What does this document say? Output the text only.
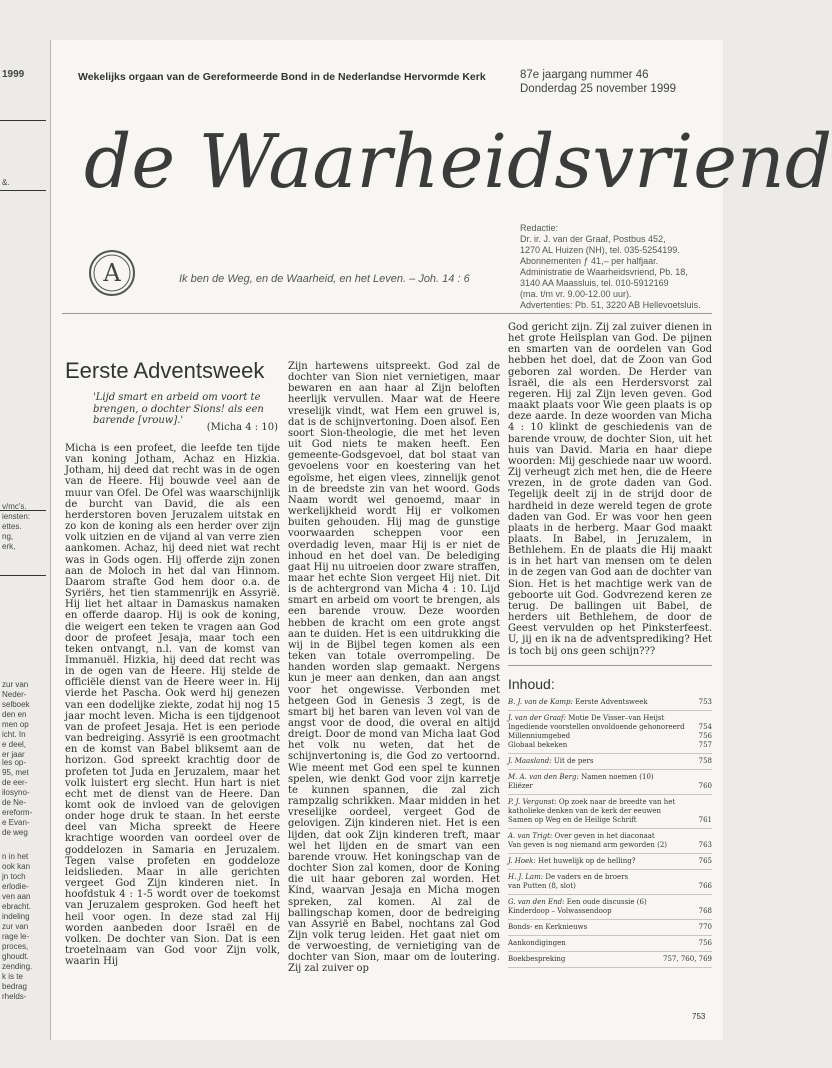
1999
&.
v/mc's.
iensten:
ettes.
ng,
erk,
zur van
Neder-
selboek
den en
men op
icht. In
e deel,
er jaar
les op-
95, met
de eer-
ilosyno-
de Ne-
ereform-
e Evan-
de weg
n in het
ook kan
jn toch
erlodie-
ven aan
ebracht.
indeling
zur van
rage le-
proces,
ghoudt.
zending.
k is te
bedrag
rhelds-
Wekelijks orgaan van de Gereformeerde Bond in de Nederlandse Hervormde Kerk	87e jaargang nummer 46
Donderdag 25 november 1999
de Waarheidsvriend
A	Ik ben de Weg, en de Waarheid, en het Leven. – Joh. 14 : 6
Redactie:
Dr. ir. J. van der Graaf, Postbus 452,
1270 AL Huizen (NH), tel. 035-5254199.
Abonnementen ƒ 41,– per halfjaar.
Administratie de Waarheidsvriend, Pb. 18,
3140 AA Maassluis, tel. 010-5912169
(ma. t/m vr. 9.00-12.00 uur).
Advertenties: Pb. 51, 3220 AB Hellevoetsluis.
Eerste Adventsweek
'Lijd smart en arbeid om voort te brengen, o dochter Sions! als een barende [vrouw].'
(Micha 4 : 10)

Micha is een profeet, die leefde ten tijde van koning Jotham, Achaz en Hizkia. Jotham, hij deed dat recht was in de ogen van de Heere. Hij bouwde veel aan de muur van Ofel. De Ofel was waarschijnlijk de burcht van David, die als een herderstoren boven Jeruzalem uitstak en zo kon de koning als een herder over zijn volk uitzien en de vijand al van verre zien aankomen. Achaz, hij deed niet wat recht was in Gods ogen. Hij offerde zijn zonen aan de Moloch in het dal van Hinnom. Daarom strafte God hem door o.a. de Syriërs, het tien stammenrijk en Assyrië. Hij liet het altaar in Damaskus namaken en offerde daarop. Hij is ook de koning, die weigert een teken te vragen aan God door de profeet Jesaja, maar toch een teken ontvangt, n.l. van de komst van Immanuël. Hizkia, hij deed dat recht was in de ogen van de Heere. Hij stelde de officiële dienst van de Heere weer in. Hij vierde het Pascha. Ook werd hij genezen van een dodelijke ziekte, zodat hij nog 15 jaar mocht leven. Micha is een tijdgenoot van de profeet Jesaja. Het is een periode van bedreiging. Assyrië is een grootmacht en de komst van Babel bliksemt aan de horizon. God spreekt krachtig door de profeten tot Juda en Jeruzalem, maar het volk luistert erg slecht. Hun hart is niet echt met de dienst van de Heere. Dan komt ook de invloed van de gelovigen onder hoge druk te staan. In het eerste deel van Micha spreekt de Heere krachtige woorden van oordeel over de goddelozen in Samaria en Jeruzalem. Tegen valse profeten en goddeloze leidslieden. Maar in alle gerichten vergeet God Zijn kinderen niet. In hoofdstuk 4 : 1-5 wordt over de toekomst van Jeruzalem gesproken. God heeft het heil voor ogen. In deze stad zal Hij worden aanbeden door Israël en de volken. De dochter van Sion. Dat is een troetelnaam van God voor Zijn volk, waarin Hij

Zijn hartewens uitspreekt. God zal de dochter van Sion niet vernietigen, maar bewaren en aan haar al Zijn beloften heerlijk vervullen. Maar wat de Heere vreselijk vindt, wat Hem een gruwel is, dat is de schijnvertoning. Doen alsof. Een soort Sion-theologie, die met het leven uit God niets te maken heeft. Een gemeente-Godsgevoel, dat bol staat van gevoelens voor en koestering van het egoïsme, het eigen vlees, zinnelijk genot in de breedste zin van het woord. Gods Naam wordt wel genoemd, maar in werkelijkheid wordt Hij er volkomen buiten gehouden. Hij mag de gunstige voorwaarden scheppen voor een overdadig leven, maar Hij is er niet de inhoud en het doel van. De belediging gaat Hij nu uitroeien door zware straffen, maar het echte Sion vergeet Hij niet. Dit is de achtergrond van Micha 4 : 10. Lijd smart en arbeid om voort te brengen, als een barende vrouw. Deze woorden hebben de kracht om een grote angst aan te duiden. Het is een uitdrukking die wij in de Bijbel tegen komen als een teken van totale overrompeling. De handen worden slap gemaakt. Nergens kun je meer aan denken, dan aan angst voor het ongewisse. Verbonden met hetgeen God in Genesis 3 zegt, is de smart bij het baren van leven vol van de angst voor de dood, die overal en altijd dreigt. Door de mond van Micha laat God het volk nu weten, dat het de schijnvertoning is, die God zo vertoornd. Wie meent met God een spel te kunnen spelen, wie denkt God voor zijn karretje te kunnen spannen, die zal zich rampzalig schrikken. Maar midden in het vreselijke oordeel, vergeet God de gelovigen. Zijn kinderen niet. Het is een lijden, dat ook Zijn kinderen treft, maar wel het lijden en de smart van een barende vrouw. Het koningschap van de dochter Sion zal komen, door de Koning die uit haar geboren zal worden. Het Kind, waarvan Jesaja en Micha mogen spreken, zal komen. Al zal de ballingschap komen, door de bedreiging van Assyrië en Babel, nochtans zal God Zijn volk terug leiden. Het gaat niet om de verwoesting, de vernietiging van de dochter van Sion, maar om de loutering. Zij zal zuiver op

God gericht zijn. Zij zal zuiver dienen in het grote Heilsplan van God. De pijnen en smarten van de oordelen van God hebben het doel, dat de Zoon van God geboren zal worden. De Herder van Israël, die als een Herdersvorst zal regeren. Hij zal Zijn leven geven. God maakt plaats voor Wie geen plaats is op deze aarde. In deze woorden van Micha 4 : 10 klinkt de geschiedenis van de barende vrouw, de dochter Sion, uit het huis van David. Maria en haar diepe woorden: Mij geschiede naar uw woord. Zij verheugt zich met hen, die de Heere vrezen, in de grote daden van God. Tegelijk deelt zij in de strijd door de hardheid in deze wereld tegen de grote daden van God. Er was voor hen geen plaats in de herberg. Maar God maakt plaats. In Babel, in Jeruzalem, in Bethlehem. En de plaats die Hij maakt is in het hart van mensen om te delen in de zegen van God aan de dochter van Sion. Het is het machtige werk van de geboorte uit God. Godvrezend keren ze terug. De ballingen uit Babel, de herders uit Bethlehem, de door de Geest vervulden op het Pinksterfeest. U, jij en ik na de adventsprediking? Het is toch bij ons geen schijn???

Inhoud:
B. J. van de Kamp: Eerste Adventsweek	753
J. van der Graaf: Motie De Visser–van Heijst
Ingediende voorstellen onvoldoende gehonoreerd 754
Millenniumgebed	756
Globaal bekeken	757
J. Maasland: Uit de pers	758
M. A. van den Berg: Namen noemen (10)
Eliëzer	760
P. J. Vergunst: Op zoek naar de breedte van het
katholieke denken van de kerk der eeuwen
Samen op Weg en de Heilige Schrift	761
A. van Trigt: Over geven in het diaconaat
Van geven is nog niemand arm geworden (2)	763
J. Hoek: Het huwelijk op de helling?	765
H. J. Lam: De vaders en de broers
van Putten (8, slot)	766
G. van den End: Een oude discussie (6)
Kinderdoop – Volwassendoop	768
Bonds- en Kerknieuws	770
Aankondigingen	756
Boekbespreking	757, 760, 769
753
